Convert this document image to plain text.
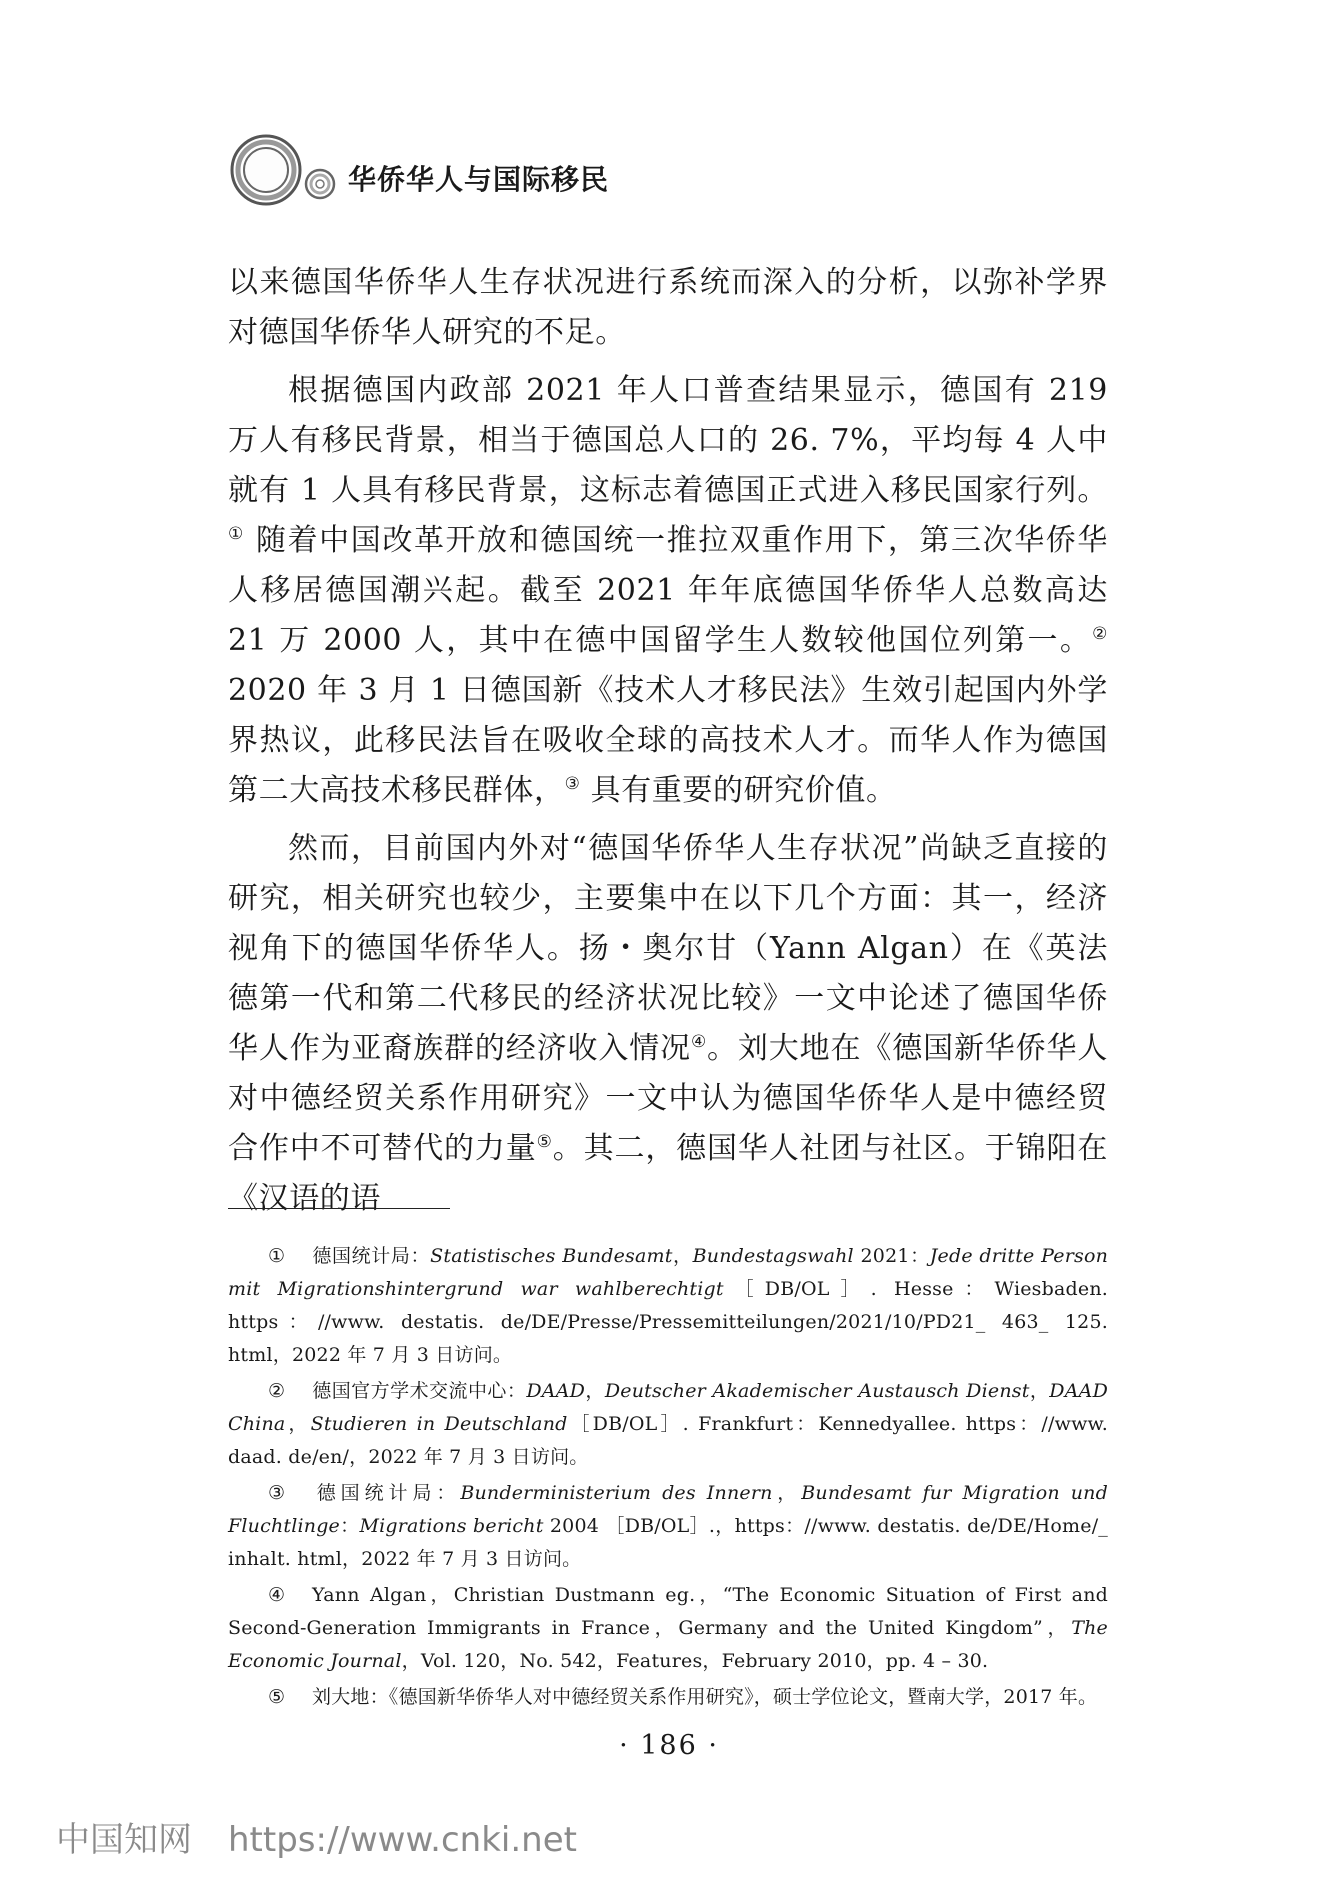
华侨华人与国际移民

以来德国华侨华人生存状况进行系统而深入的分析，以弥补学界对德国华侨华人研究的不足。

根据德国内政部 2021 年人口普查结果显示，德国有 219 万人有移民背景，相当于德国总人口的 26. 7%，平均每 4 人中就有 1 人具有移民背景，这标志着德国正式进入移民国家行列。① 随着中国改革开放和德国统一推拉双重作用下，第三次华侨华人移居德国潮兴起。截至 2021 年年底德国华侨华人总数高达 21 万 2000 人，其中在德中国留学生人数较他国位列第一。② 2020 年 3 月 1 日德国新《技术人才移民法》生效引起国内外学界热议，此移民法旨在吸收全球的高技术人才。而华人作为德国第二大高技术移民群体，③ 具有重要的研究价值。

然而，目前国内外对“德国华侨华人生存状况”尚缺乏直接的研究，相关研究也较少，主要集中在以下几个方面：其一，经济视角下的德国华侨华人。扬・奥尔甘（Yann Algan）在《英法德第一代和第二代移民的经济状况比较》一文中论述了德国华侨华人作为亚裔族群的经济收入情况④。刘大地在《德国新华侨华人对中德经贸关系作用研究》一文中认为德国华侨华人是中德经贸合作中不可替代的力量⑤。其二，德国华人社团与社区。于锦阳在《汉语的语

① 德国统计局：Statistisches Bundesamt，Bundestagswahl 2021：Jede dritte Person mit Migrationshintergrund war wahlberechtigt［DB/OL］. Hesse：Wiesbaden. https：//www. destatis. de/DE/Presse/Pressemitteilungen/2021/10/PD21_ 463_ 125. html，2022 年 7 月 3 日访问。

② 德国官方学术交流中心：DAAD，Deutscher Akademischer Austausch Dienst，DAAD China，Studieren in Deutschland［DB/OL］. Frankfurt：Kennedyallee. https：//www. daad. de/en/，2022 年 7 月 3 日访问。

③ 德国统计局：Bunderministerium des Innern，Bundesamt fur Migration und Fluchtlinge：Migrations bericht 2004 ［DB/OL］.，https：//www. destatis. de/DE/Home/_ inhalt. html，2022 年 7 月 3 日访问。

④ Yann Algan，Christian Dustmann eg.，“The Economic Situation of First and Second-Generation Immigrants in France，Germany and the United Kingdom”，The Economic Journal，Vol. 120，No. 542，Features，February 2010，pp. 4 – 30.

⑤ 刘大地：《德国新华侨华人对中德经贸关系作用研究》，硕士学位论文，暨南大学，2017 年。

· 186 ·
中国知网 https://www.cnki.net
